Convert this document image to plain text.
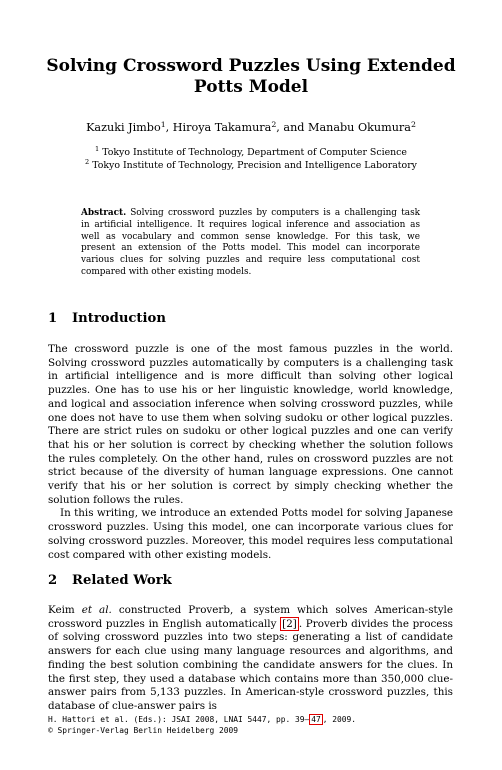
Solving Crossword Puzzles Using Extended
Potts Model
Kazuki Jimbo$^1$, Hiroya Takamura$^2$, and Manabu Okumura$^2$
$^1$ Tokyo Institute of Technology, Department of Computer Science
$^2$ Tokyo Institute of Technology, Precision and Intelligence Laboratory
Abstract. Solving crossword puzzles by computers is a challenging task in artificial intelligence. It requires logical inference and association as well as vocabulary and common sense knowledge. For this task, we present an extension of the Potts model. This model can incorporate various clues for solving puzzles and require less computational cost compared with other existing models.
1 Introduction

The crossword puzzle is one of the most famous puzzles in the world. Solving crossword puzzles automatically by computers is a challenging task in artificial intelligence and is more difficult than solving other logical puzzles. One has to use his or her linguistic knowledge, world knowledge, and logical and association inference when solving crossword puzzles, while one does not have to use them when solving sudoku or other logical puzzles. There are strict rules on sudoku or other logical puzzles and one can verify that his or her solution is correct by checking whether the solution follows the rules completely. On the other hand, rules on crossword puzzles are not strict because of the diversity of human language expressions. One cannot verify that his or her solution is correct by simply checking whether the solution follows the rules.

In this writing, we introduce an extended Potts model for solving Japanese crossword puzzles. Using this model, one can incorporate various clues for solving crossword puzzles. Moreover, this model requires less computational cost compared with other existing models.

2 Related Work

Keim et al. constructed Proverb, a system which solves American-style crossword puzzles in English automatically [2] . Proverb divides the process of solving crossword puzzles into two steps: generating a list of candidate answers for each clue using many language resources and algorithms, and finding the best solution combining the candidate answers for the clues. In the first step, they used a database which contains more than 350,000 clue-answer pairs from 5,133 puzzles. In American-style crossword puzzles, this database of clue-answer pairs is

H. Hattori et al. (Eds.): JSAI 2008, LNAI 5447, pp. 39– 47 , 2009.
© Springer-Verlag Berlin Heidelberg 2009
